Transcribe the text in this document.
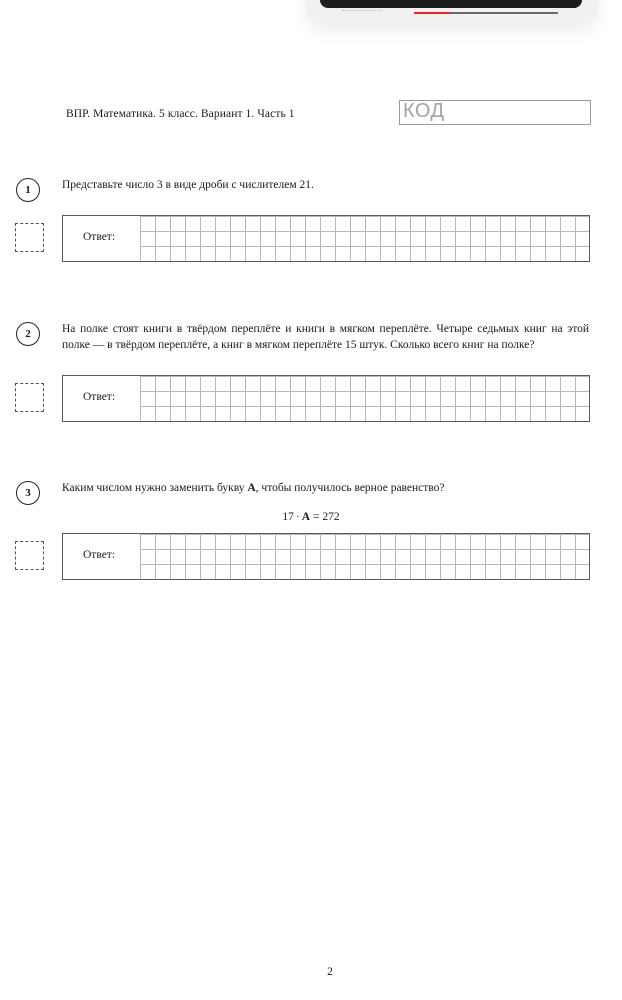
ВПР. Математика. 5 класс. Вариант 1. Часть 1	КОД
1	Представьте число 3 в виде дроби с числителем 21.
Ответ:
2	На полке стоят книги в твёрдом переплёте и книги в мягком переплёте. Четыре седьмых книг на этой полке — в твёрдом переплёте, а книг в мягком переплёте 15 штук. Сколько всего книг на полке?
Ответ:
3	Каким числом нужно заменить букву А, чтобы получилось верное равенство?
17 · А = 272
Ответ:
2
